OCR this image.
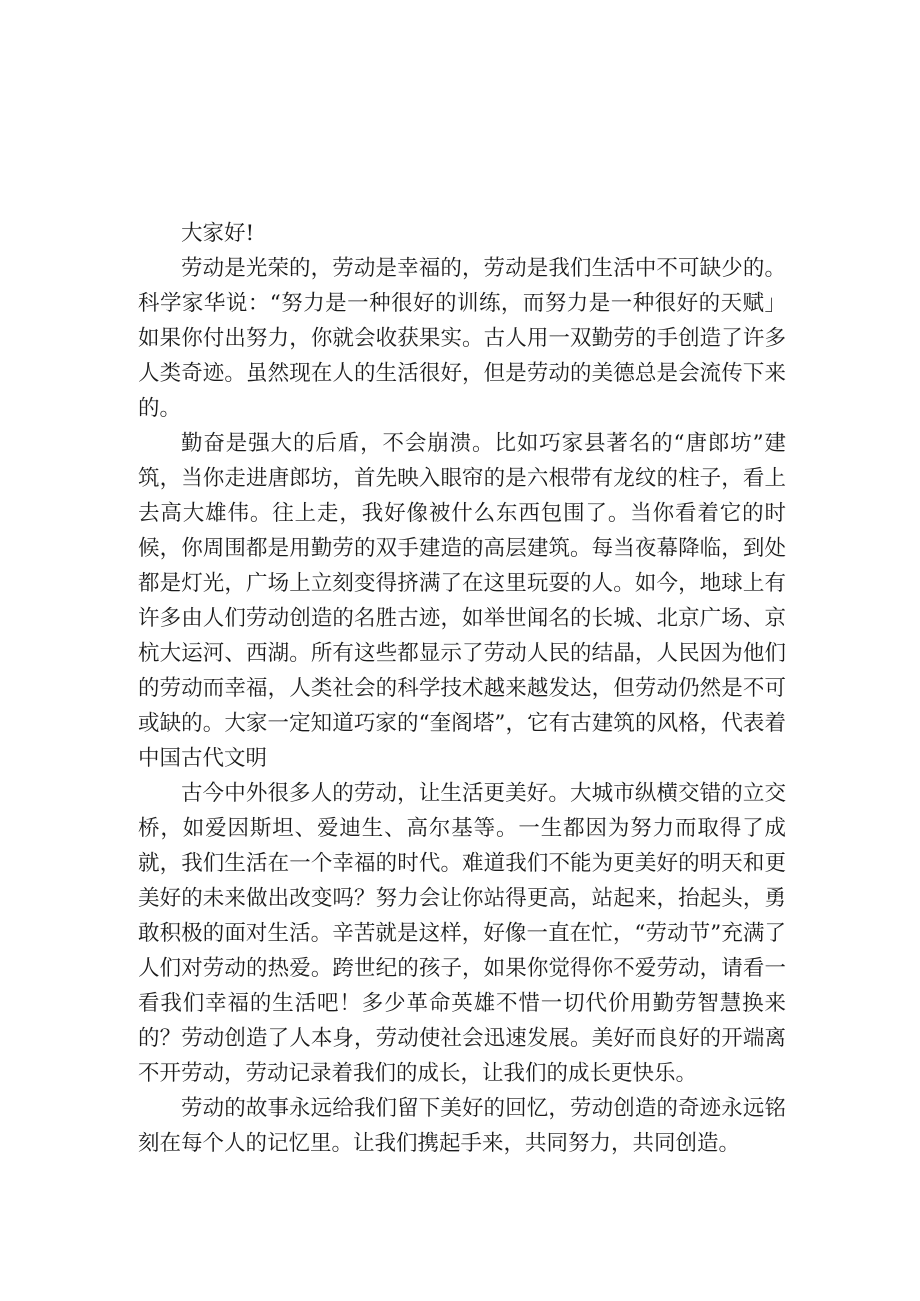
大家好!

劳动是光荣的，劳动是幸福的，劳动是我们生活中不可缺少的。科学家华说：“努力是一种很好的训练，而努力是一种很好的天赋」如果你付出努力，你就会收获果实。古人用一双勤劳的手创造了许多人类奇迹。虽然现在人的生活很好，但是劳动的美德总是会流传下来的。

勤奋是强大的后盾，不会崩溃。比如巧家县著名的“唐郎坊”建筑，当你走进唐郎坊，首先映入眼帘的是六根带有龙纹的柱子，看上去高大雄伟。往上走，我好像被什么东西包围了。当你看着它的时候，你周围都是用勤劳的双手建造的高层建筑。每当夜幕降临，到处都是灯光，广场上立刻变得挤满了在这里玩耍的人。如今，地球上有许多由人们劳动创造的名胜古迹，如举世闻名的长城、北京广场、京杭大运河、西湖。所有这些都显示了劳动人民的结晶，人民因为他们的劳动而幸福，人类社会的科学技术越来越发达，但劳动仍然是不可或缺的。大家一定知道巧家的“奎阁塔”，它有古建筑的风格，代表着中国古代文明

古今中外很多人的劳动，让生活更美好。大城市纵横交错的立交桥，如爱因斯坦、爱迪生、高尔基等。一生都因为努力而取得了成就，我们生活在一个幸福的时代。难道我们不能为更美好的明天和更美好的未来做出改变吗？努力会让你站得更高，站起来，抬起头，勇敢积极的面对生活。辛苦就是这样，好像一直在忙，“劳动节”充满了人们对劳动的热爱。跨世纪的孩子，如果你觉得你不爱劳动，请看一看我们幸福的生活吧！多少革命英雄不惜一切代价用勤劳智慧换来的？劳动创造了人本身，劳动使社会迅速发展。美好而良好的开端离不开劳动，劳动记录着我们的成长，让我们的成长更快乐。

劳动的故事永远给我们留下美好的回忆，劳动创造的奇迹永远铭刻在每个人的记忆里。让我们携起手来，共同努力，共同创造。
